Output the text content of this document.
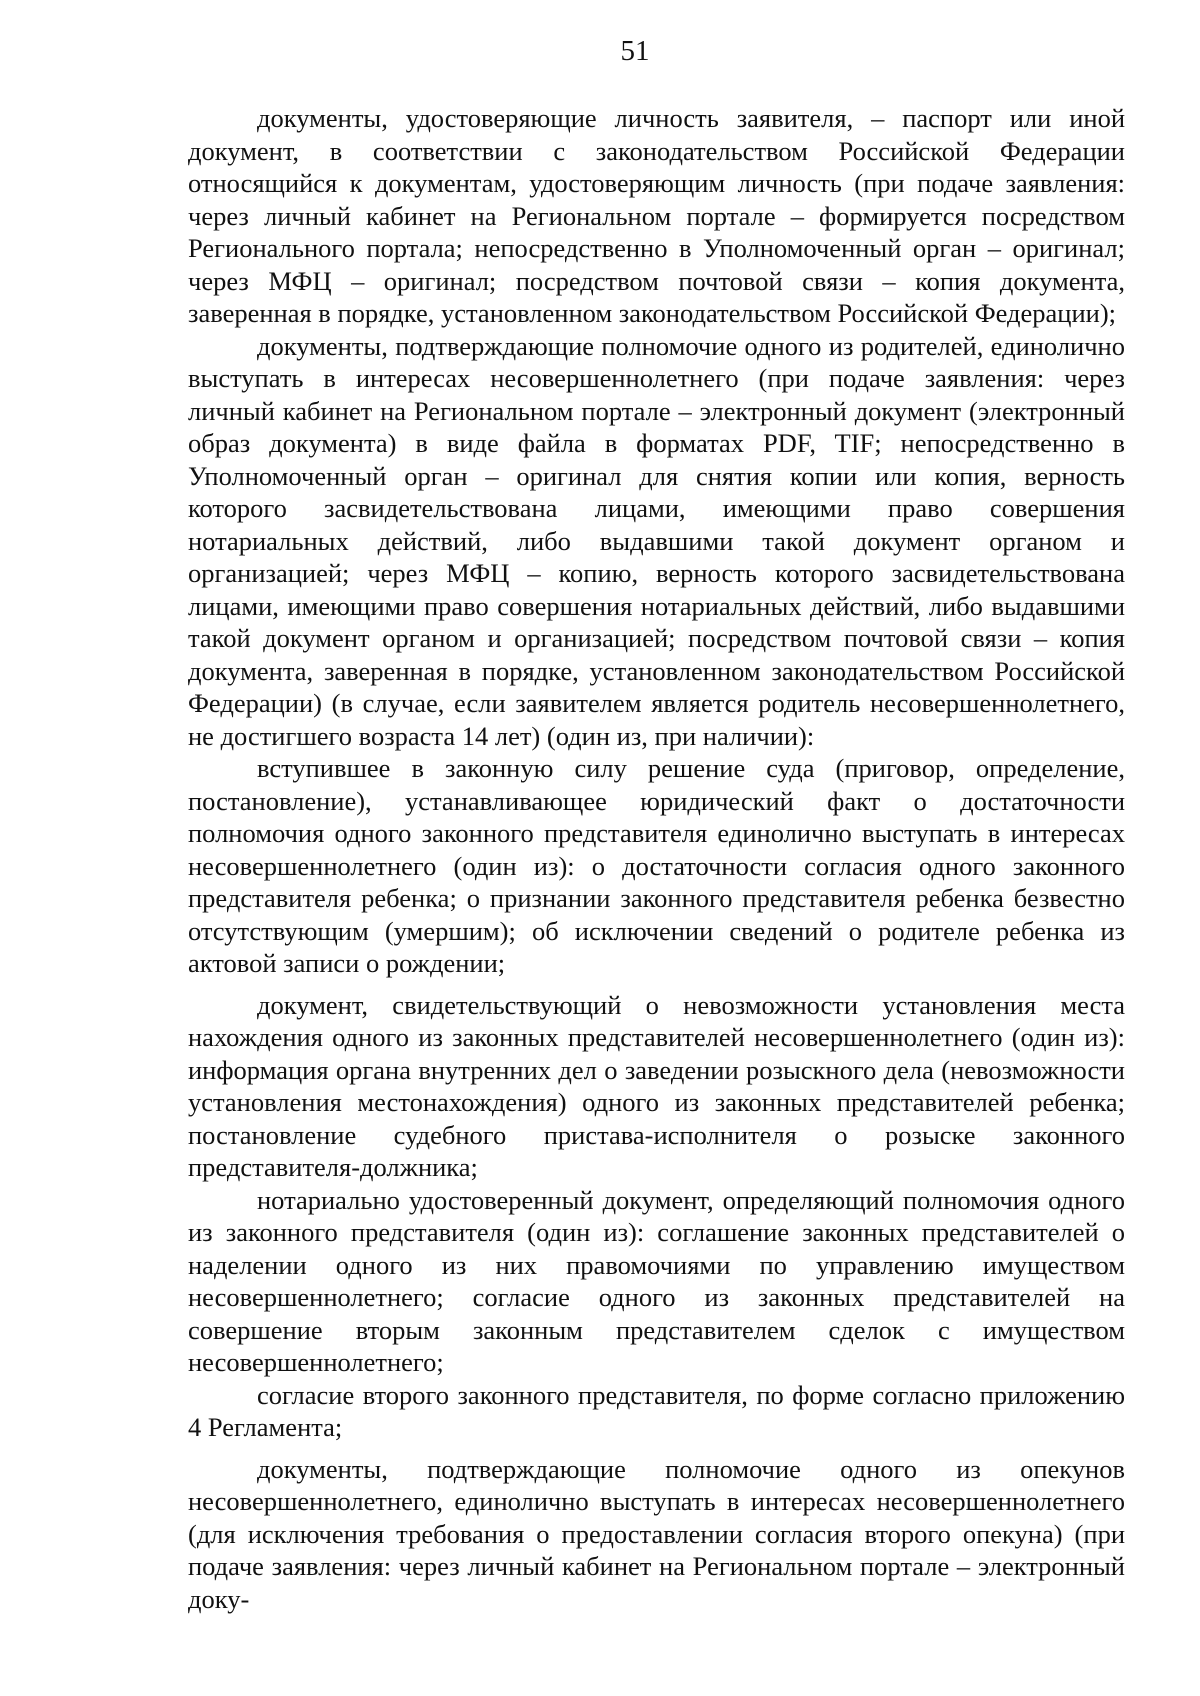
51

документы, удостоверяющие личность заявителя, – паспорт или иной документ, в соответствии с законодательством Российской Федерации относящийся к документам, удостоверяющим личность (при подаче заявления: через личный кабинет на Региональном портале – формируется посредством Регионального портала; непосредственно в Уполномоченный орган – оригинал; через МФЦ – оригинал; посредством почтовой связи – копия документа, заверенная в порядке, установленном законодательством Российской Федерации);

документы, подтверждающие полномочие одного из родителей, единолично выступать в интересах несовершеннолетнего (при подаче заявления: через личный кабинет на Региональном портале – электронный документ (электронный образ документа) в виде файла в форматах PDF, TIF; непосредственно в Уполномоченный орган – оригинал для снятия копии или копия, верность которого засвидетельствована лицами, имеющими право совершения нотариальных действий, либо выдавшими такой документ органом и организацией; через МФЦ – копию, верность которого засвидетельствована лицами, имеющими право совершения нотариальных действий, либо выдавшими такой документ органом и организацией; посредством почтовой связи – копия документа, заверенная в порядке, установленном законодательством Российской Федерации) (в случае, если заявителем является родитель несовершеннолетнего, не достигшего возраста 14 лет) (один из, при наличии):

вступившее в законную силу решение суда (приговор, определение, постановление), устанавливающее юридический факт о достаточности полномочия одного законного представителя единолично выступать в интересах несовершеннолетнего (один из): о достаточности согласия одного законного представителя ребенка; о признании законного представителя ребенка безвестно отсутствующим (умершим); об исключении сведений о родителе ребенка из актовой записи о рождении;

документ, свидетельствующий о невозможности установления места нахождения одного из законных представителей несовершеннолетнего (один из): информация органа внутренних дел о заведении розыскного дела (невозможности установления местонахождения) одного из законных представителей ребенка; постановление судебного пристава-исполнителя о розыске законного представителя-должника;

нотариально удостоверенный документ, определяющий полномочия одного из законного представителя (один из): соглашение законных представителей о наделении одного из них правомочиями по управлению имуществом несовершеннолетнего; согласие одного из законных представителей на совершение вторым законным представителем сделок с имуществом несовершеннолетнего;

согласие второго законного представителя, по форме согласно приложению 4 Регламента;

документы, подтверждающие полномочие одного из опекунов несовершеннолетнего, единолично выступать в интересах несовершеннолетнего (для исключения требования о предоставлении согласия второго опекуна) (при подаче заявления: через личный кабинет на Региональном портале – электронный доку-
